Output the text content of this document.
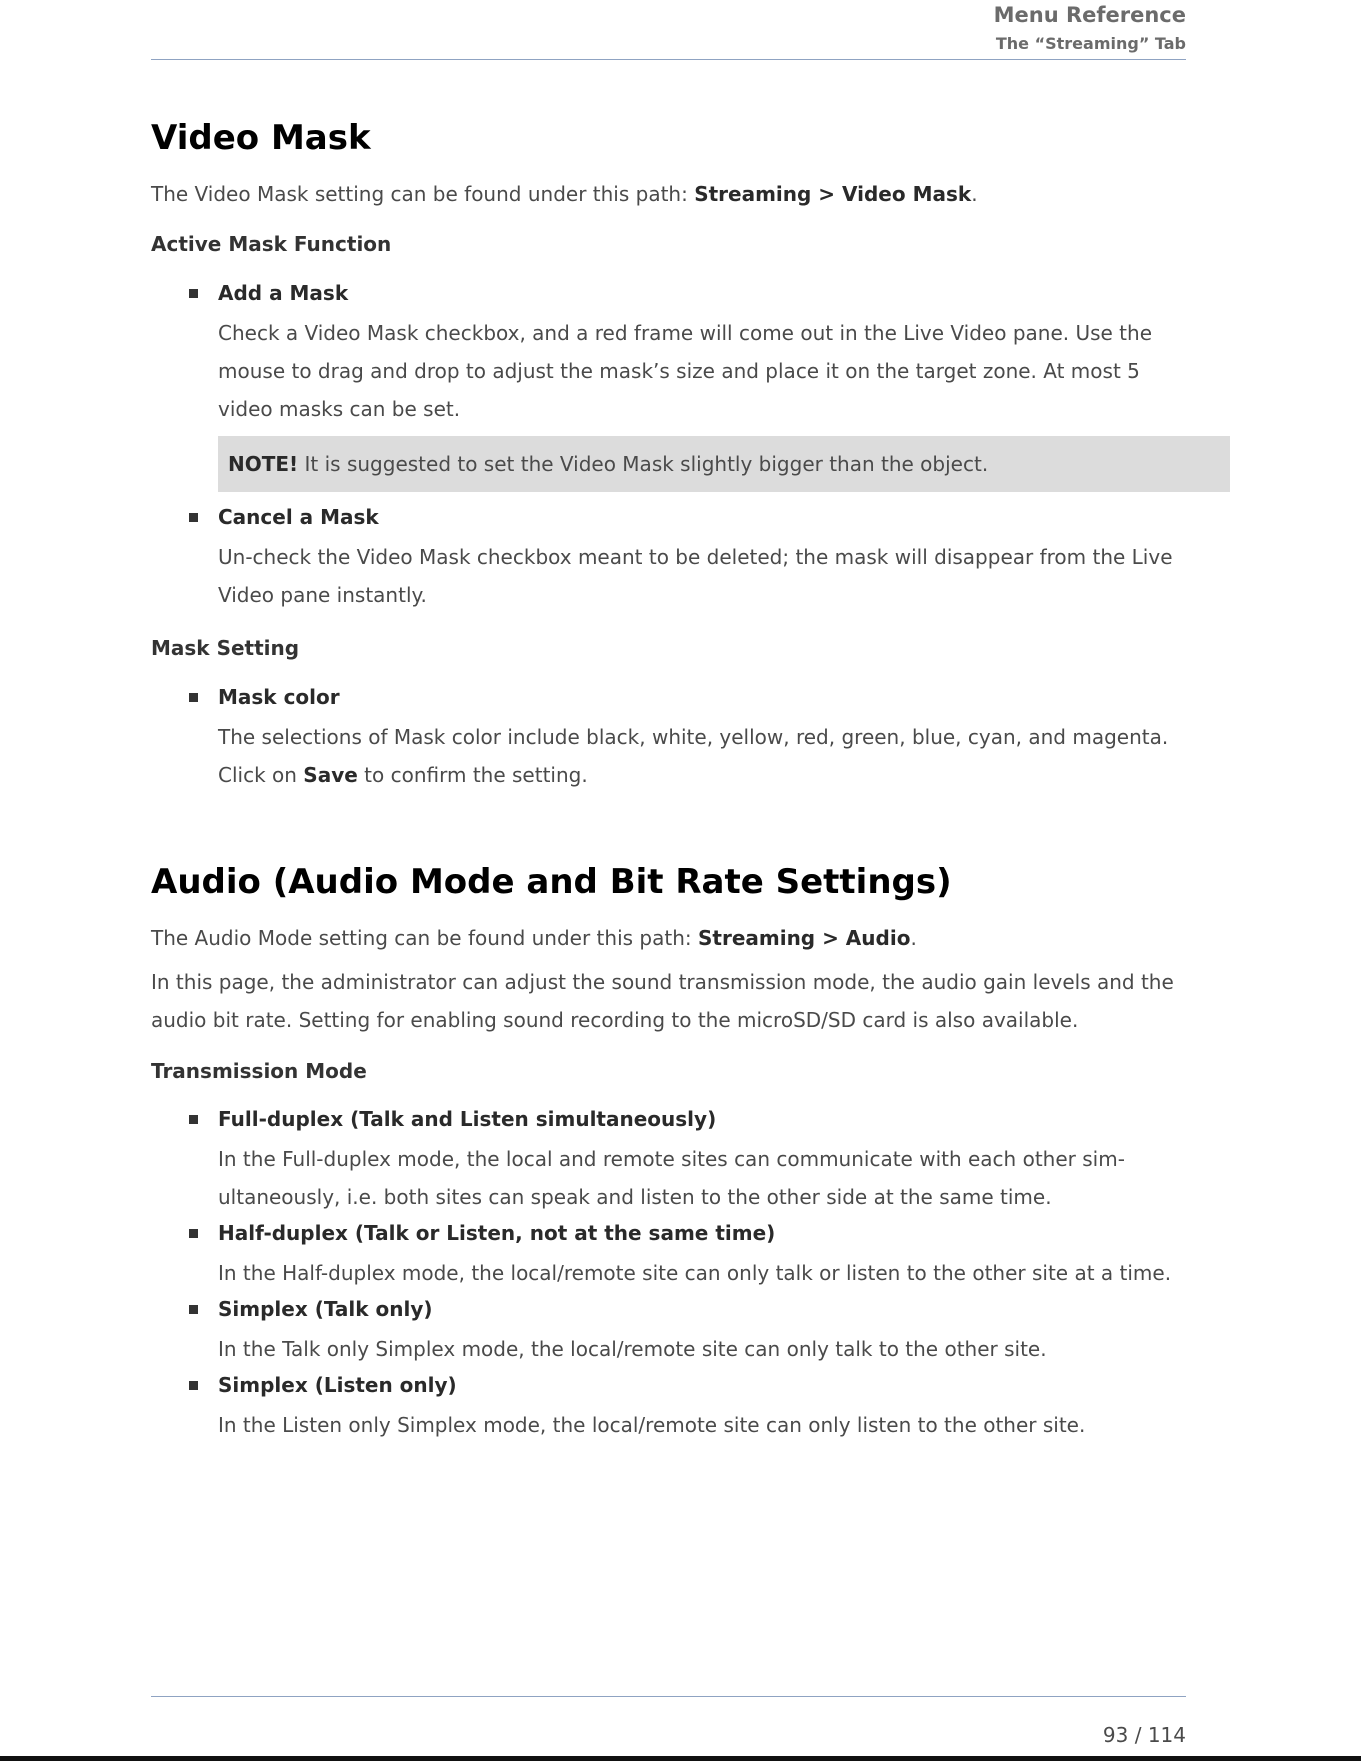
Menu Reference
The “Streaming” Tab
Video Mask

The Video Mask setting can be found under this path: Streaming > Video Mask.

Active Mask Function
Add a Mask
Check a Video Mask checkbox, and a red frame will come out in the Live Video pane. Use the mouse to drag and drop to adjust the mask’s size and place it on the target zone. At most 5 video masks can be set.
NOTE! It is suggested to set the Video Mask slightly bigger than the object.
Cancel a Mask
Un-check the Video Mask checkbox meant to be deleted; the mask will disappear from the Live Video pane instantly.
Mask Setting
Mask color
The selections of Mask color include black, white, yellow, red, green, blue, cyan, and magenta. Click on Save to confirm the setting.
Audio (Audio Mode and Bit Rate Settings)

The Audio Mode setting can be found under this path: Streaming > Audio.

In this page, the administrator can adjust the sound transmission mode, the audio gain levels and the audio bit rate. Setting for enabling sound recording to the microSD/SD card is also available.

Transmission Mode
Full-duplex (Talk and Listen simultaneously)
In the Full-duplex mode, the local and remote sites can communicate with each other sim-ultaneously, i.e. both sites can speak and listen to the other side at the same time.
Half-duplex (Talk or Listen, not at the same time)
In the Half-duplex mode, the local/remote site can only talk or listen to the other site at a time.
Simplex (Talk only)
In the Talk only Simplex mode, the local/remote site can only talk to the other site.
Simplex (Listen only)
In the Listen only Simplex mode, the local/remote site can only listen to the other site.
93 / 114
